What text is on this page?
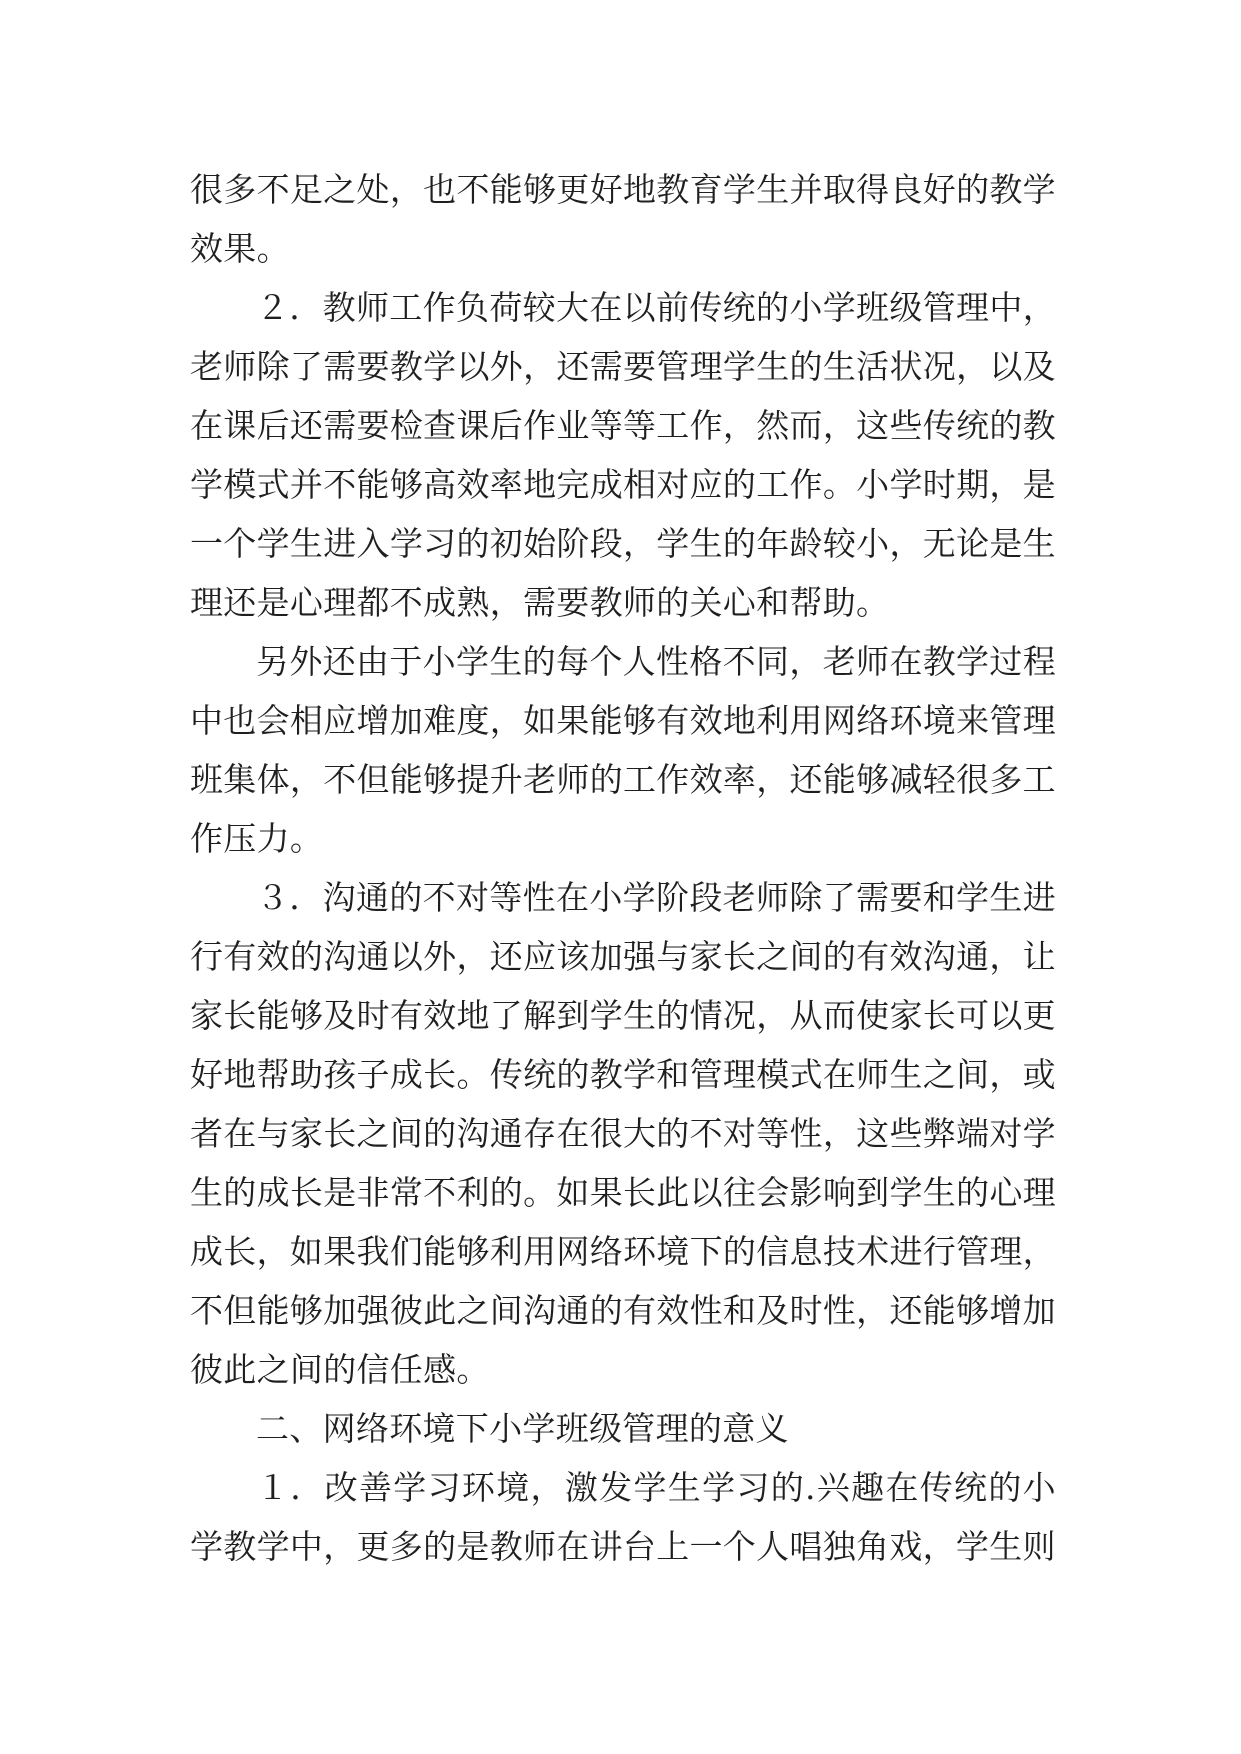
很多不足之处，也不能够更好地教育学生并取得良好的教学效果。

２．教师工作负荷较大在以前传统的小学班级管理中，老师除了需要教学以外，还需要管理学生的生活状况，以及在课后还需要检查课后作业等等工作，然而，这些传统的教学模式并不能够高效率地完成相对应的工作。小学时期，是一个学生进入学习的初始阶段，学生的年龄较小，无论是生理还是心理都不成熟，需要教师的关心和帮助。

另外还由于小学生的每个人性格不同，老师在教学过程中也会相应增加难度，如果能够有效地利用网络环境来管理班集体，不但能够提升老师的工作效率，还能够减轻很多工作压力。

３．沟通的不对等性在小学阶段老师除了需要和学生进行有效的沟通以外，还应该加强与家长之间的有效沟通，让家长能够及时有效地了解到学生的情况，从而使家长可以更好地帮助孩子成长。传统的教学和管理模式在师生之间，或者在与家长之间的沟通存在很大的不对等性，这些弊端对学生的成长是非常不利的。如果长此以往会影响到学生的心理成长，如果我们能够利用网络环境下的信息技术进行管理，不但能够加强彼此之间沟通的有效性和及时性，还能够增加彼此之间的信任感。

二、网络环境下小学班级管理的意义

１．改善学习环境，激发学生学习的.兴趣在传统的小学教学中，更多的是教师在讲台上一个人唱独角戏，学生则
